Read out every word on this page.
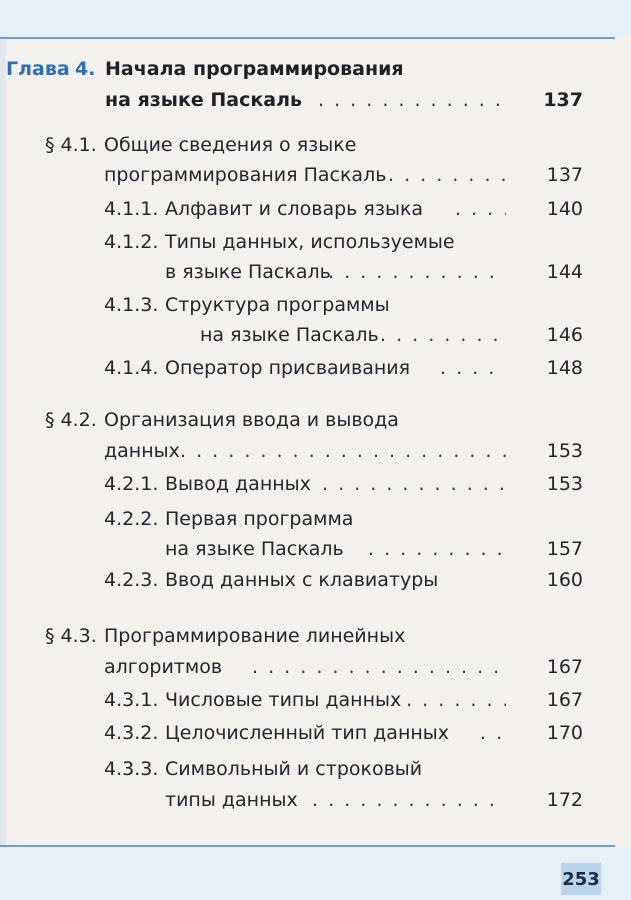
Глава 4. Начала программирования
на языке Паскаль . . .	137
§ 4.1. Общие сведения о языке
программирования Паскаль . . .	137
4.1.1. Алфавит и словарь языка . . .	140
4.1.2. Типы данных, используемые
в языке Паскаль . . .	144
4.1.3. Структура программы
на языке Паскаль . . .	146
4.1.4. Оператор присваивания . . .	148
§ 4.2. Организация ввода и вывода
данных . . .	153
4.2.1. Вывод данных . . .	153
4.2.2. Первая программа
на языке Паскаль . . .	157
4.2.3. Ввод данных с клавиатуры	160
§ 4.3. Программирование линейных
алгоритмов . . .	167
4.3.1. Числовые типы данных . . .	167
4.3.2. Целочисленный тип данных . . .	170
4.3.3. Символьный и строковый
типы данных . . .	172
253
